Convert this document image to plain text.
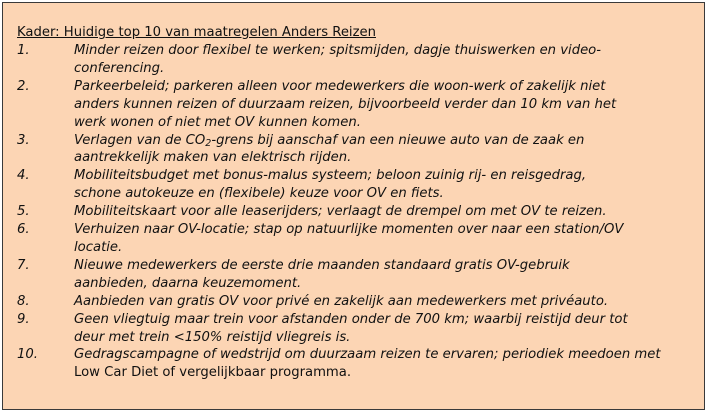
Kader: Huidige top 10 van maatregelen Anders Reizen
1.	Minder reizen door flexibel te werken; spitsmijden, dagje thuiswerken en video-
conferencing.
2.	Parkeerbeleid; parkeren alleen voor medewerkers die woon-werk of zakelijk niet
anders kunnen reizen of duurzaam reizen, bijvoorbeeld verder dan 10 km van het
werk wonen of niet met OV kunnen komen.
3.	Verlagen van de $CO_2$-grens bij aanschaf van een nieuwe auto van de zaak en
aantrekkelijk maken van elektrisch rijden.
4.	Mobiliteitsbudget met bonus-malus systeem; beloon zuinig rij- en reisgedrag,
schone autokeuze en (flexibele) keuze voor OV en fiets.
5.	Mobiliteitskaart voor alle leaserijders; verlaagt de drempel om met OV te reizen.
6.	Verhuizen naar OV-locatie; stap op natuurlijke momenten over naar een station/OV
locatie.
7.	Nieuwe medewerkers de eerste drie maanden standaard gratis OV-gebruik
aanbieden, daarna keuzemoment.
8.	Aanbieden van gratis OV voor privé en zakelijk aan medewerkers met privéauto.
9.	Geen vliegtuig maar trein voor afstanden onder de 700 km; waarbij reistijd deur tot
deur met trein <150% reistijd vliegreis is.
10.	Gedragscampagne of wedstrijd om duurzaam reizen te ervaren; periodiek meedoen met
Low Car Diet of vergelijkbaar programma.
